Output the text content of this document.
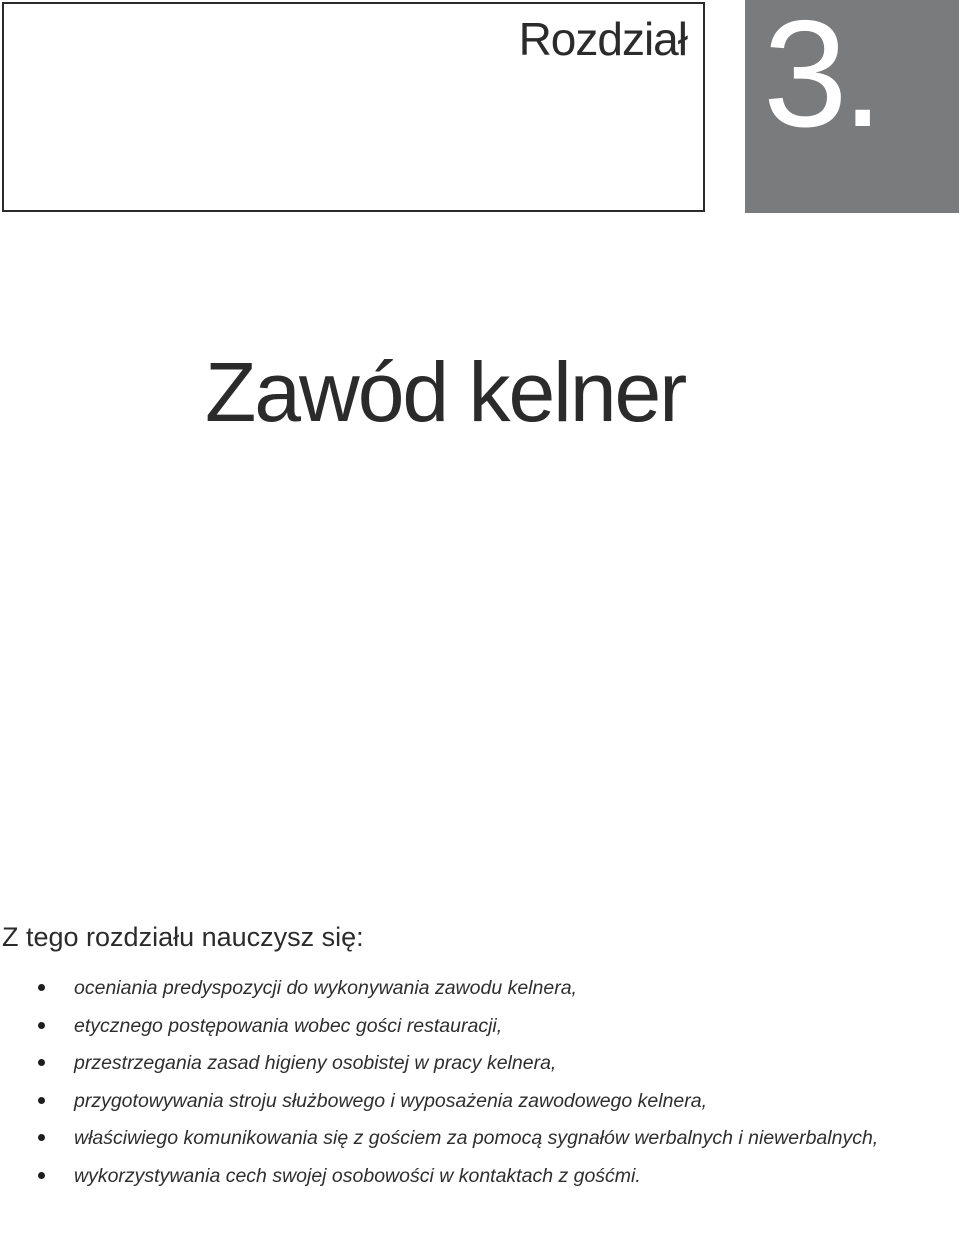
Rozdział 3.
Zawód kelner
Z tego rozdziału nauczysz się:
oceniania predyspozycji do wykonywania zawodu kelnera,
etycznego postępowania wobec gości restauracji,
przestrzegania zasad higieny osobistej w pracy kelnera,
przygotowywania stroju służbowego i wyposażenia zawodowego kelnera,
właściwiego komunikowania się z gościem za pomocą sygnałów werbalnych i niewerbalnych,
wykorzystywania cech swojej osobowości w kontaktach z gośćmi.
